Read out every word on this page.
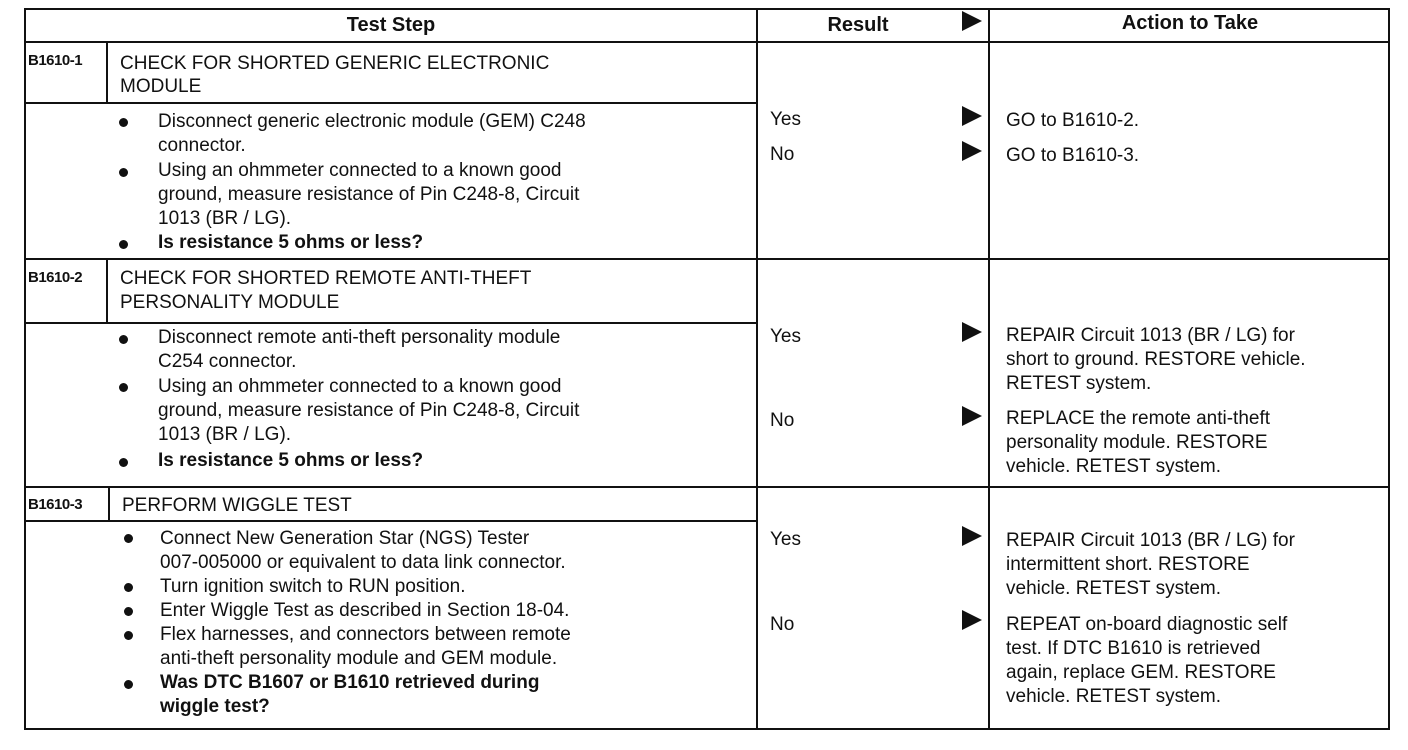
Test Step	Result	Action to Take
B1610-1 CHECK FOR SHORTED GENERIC ELECTRONIC
MODULE
Disconnect generic electronic module (GEM) C248
connector.
Using an ohmmeter connected to a known good
ground, measure resistance of Pin C248-8, Circuit
1013 (BR / LG).
Is resistance 5 ohms or less?
Yes	GO to B1610-2.
No	GO to B1610-3.
B1610-2 CHECK FOR SHORTED REMOTE ANTI-THEFT
PERSONALITY MODULE
Disconnect remote anti-theft personality module
C254 connector.
Using an ohmmeter connected to a known good
ground, measure resistance of Pin C248-8, Circuit
1013 (BR / LG).
Is resistance 5 ohms or less?
Yes	REPAIR Circuit 1013 (BR / LG) for
short to ground. RESTORE vehicle.
RETEST system.
No	REPLACE the remote anti-theft
personality module. RESTORE
vehicle. RETEST system.
B1610-3 PERFORM WIGGLE TEST
Connect New Generation Star (NGS) Tester
007-005000 or equivalent to data link connector.
Turn ignition switch to RUN position.
Enter Wiggle Test as described in Section 18-04.
Flex harnesses, and connectors between remote
anti-theft personality module and GEM module.
Was DTC B1607 or B1610 retrieved during
wiggle test?
Yes	REPAIR Circuit 1013 (BR / LG) for
intermittent short. RESTORE
vehicle. RETEST system.
No	REPEAT on-board diagnostic self
test. If DTC B1610 is retrieved
again, replace GEM. RESTORE
vehicle. RETEST system.
